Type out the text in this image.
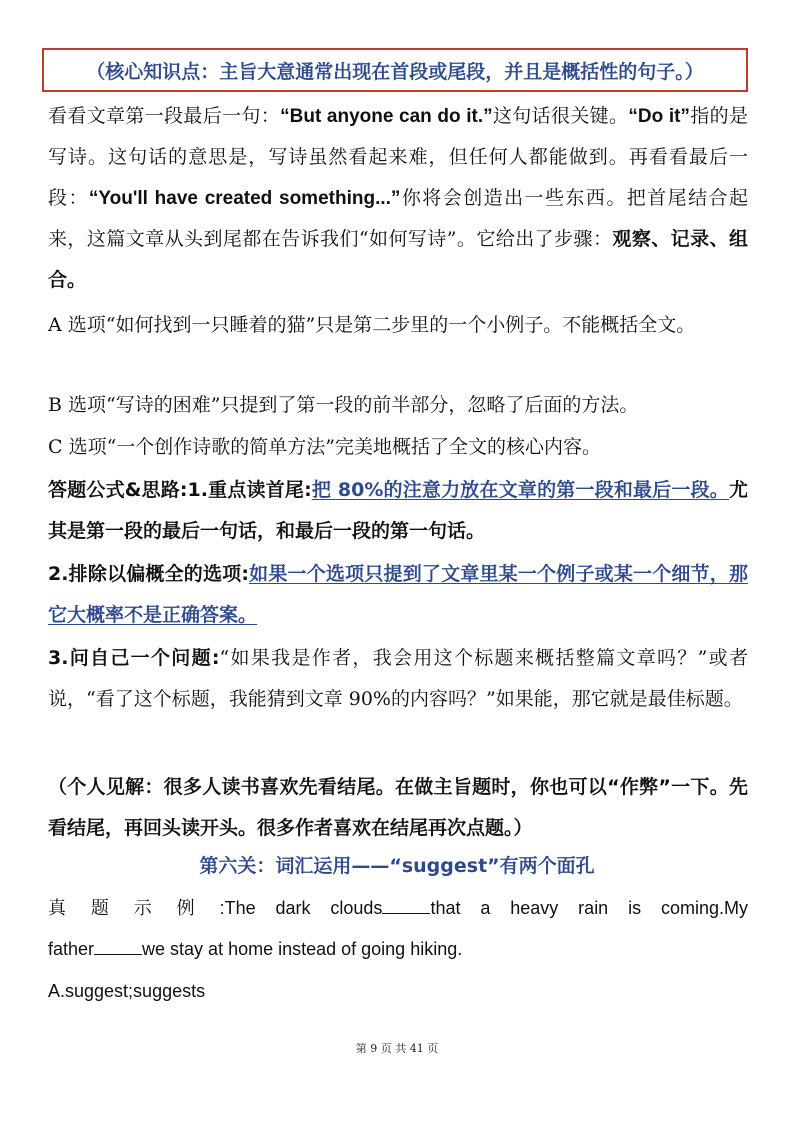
（核心知识点：主旨大意通常出现在首段或尾段，并且是概括性的句子。）

看看文章第一段最后一句：“But anyone can do it.”这句话很关键。“Do it”指的是写诗。这句话的意思是，写诗虽然看起来难，但任何人都能做到。再看看最后一段：“You'll have created something...”你将会创造出一些东西。把首尾结合起来，这篇文章从头到尾都在告诉我们“如何写诗”。它给出了步骤：观察、记录、组合。

A 选项“如何找到一只睡着的猫”只是第二步里的一个小例子。不能概括全文。

B 选项“写诗的困难”只提到了第一段的前半部分，忽略了后面的方法。

C 选项“一个创作诗歌的简单方法”完美地概括了全文的核心内容。

答题公式&思路:1.重点读首尾:把 80%的注意力放在文章的第一段和最后一段。尤其是第一段的最后一句话，和最后一段的第一句话。

2.排除以偏概全的选项:如果一个选项只提到了文章里某一个例子或某一个细节，那它大概率不是正确答案。

3.问自己一个问题:“如果我是作者，我会用这个标题来概括整篇文章吗？”或者说，“看了这个标题，我能猜到文章 90%的内容吗？”如果能，那它就是最佳标题。

（个人见解：很多人读书喜欢先看结尾。在做主旨题时，你也可以“作弊”一下。先看结尾，再回头读开头。很多作者喜欢在结尾再次点题。）

第六关：词汇运用——“suggest”有两个面孔

真题示例:The dark clouds	that a heavy rain is coming.My

father	we stay at home instead of going hiking.

A.suggest;suggests

第 9 页 共 41 页
